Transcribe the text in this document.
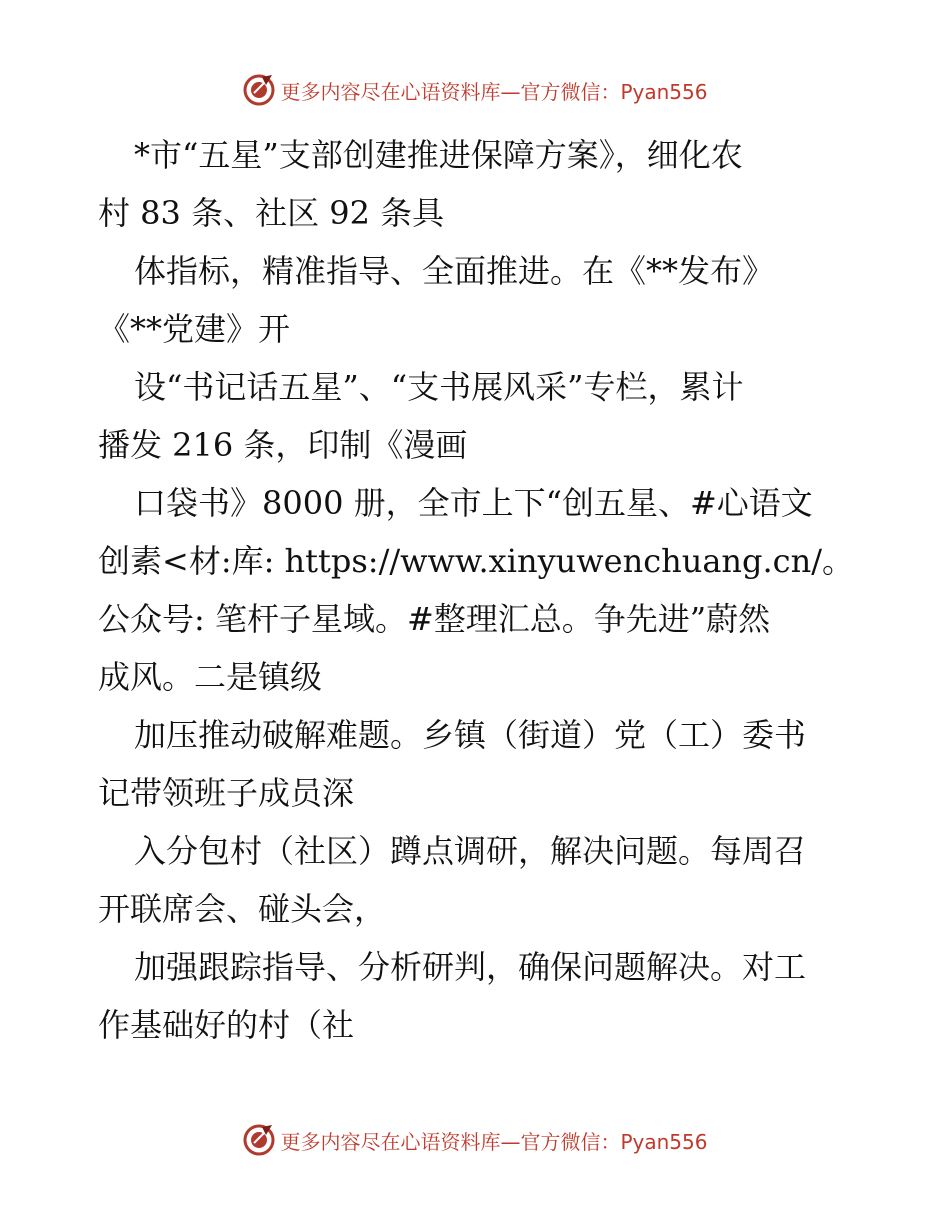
更多内容尽在心语资料库—官方微信：Pyan556
*市“五星”支部创建推进保障方案》，细化农
村 83 条、社区 92 条具
体指标，精准指导、全面推进。在《**发布》
《**党建》开
设“书记话五星”、“支书展风采”专栏，累计
播发 216 条，印制《漫画
口袋书》8000 册，全市上下“创五星、#心语文
创素<材:库: https://www.xinyuwenchuang.cn/。
公众号: 笔杆子星域。#整理汇总。争先进”蔚然
成风。二是镇级
加压推动破解难题。乡镇（街道）党（工）委书
记带领班子成员深
入分包村（社区）蹲点调研，解决问题。每周召
开联席会、碰头会，
加强跟踪指导、分析研判，确保问题解决。对工
作基础好的村（社
更多内容尽在心语资料库—官方微信：Pyan556
